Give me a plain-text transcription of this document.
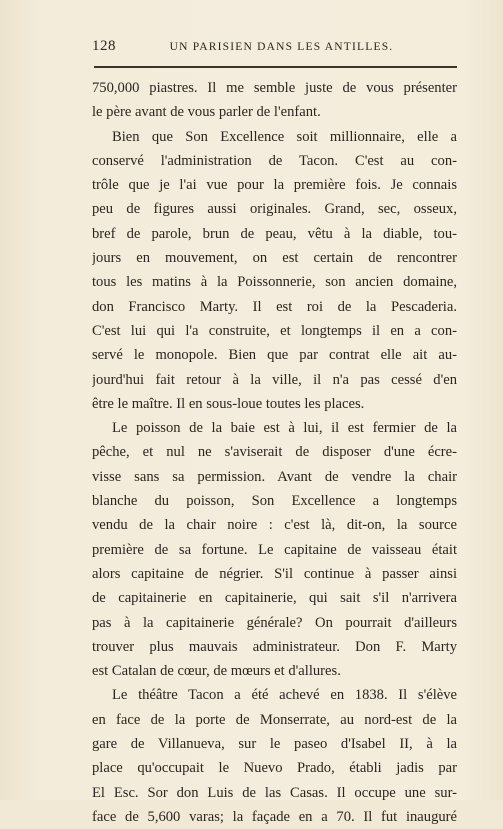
128	UN PARISIEN DANS LES ANTILLES.
750,000 piastres. Il me semble juste de vous présenter
le père avant de vous parler de l'enfant.
Bien que Son Excellence soit millionnaire, elle a
conservé l'administration de Tacon. C'est au con-
trôle que je l'ai vue pour la première fois. Je connais
peu de figures aussi originales. Grand, sec, osseux,
bref de parole, brun de peau, vêtu à la diable, tou-
jours en mouvement, on est certain de rencontrer
tous les matins à la Poissonnerie, son ancien domaine,
don Francisco Marty. Il est roi de la Pescaderia.
C'est lui qui l'a construite, et longtemps il en a con-
servé le monopole. Bien que par contrat elle ait au-
jourd'hui fait retour à la ville, il n'a pas cessé d'en
être le maître. Il en sous-loue toutes les places.
Le poisson de la baie est à lui, il est fermier de la
pêche, et nul ne s'aviserait de disposer d'une écre-
visse sans sa permission. Avant de vendre la chair
blanche du poisson, Son Excellence a longtemps
vendu de la chair noire : c'est là, dit-on, la source
première de sa fortune. Le capitaine de vaisseau était
alors capitaine de négrier. S'il continue à passer ainsi
de capitainerie en capitainerie, qui sait s'il n'arrivera
pas à la capitainerie générale? On pourrait d'ailleurs
trouver plus mauvais administrateur. Don F. Marty
est Catalan de cœur, de mœurs et d'allures.
Le théâtre Tacon a été achevé en 1838. Il s'élève
en face de la porte de Monserrate, au nord-est de la
gare de Villanueva, sur le paseo d'Isabel II, à la
place qu'occupait le Nuevo Prado, établi jadis par
El Esc. Sor don Luis de las Casas. Il occupe une sur-
face de 5,600 varas; la façade en a 70. Il fut inauguré
